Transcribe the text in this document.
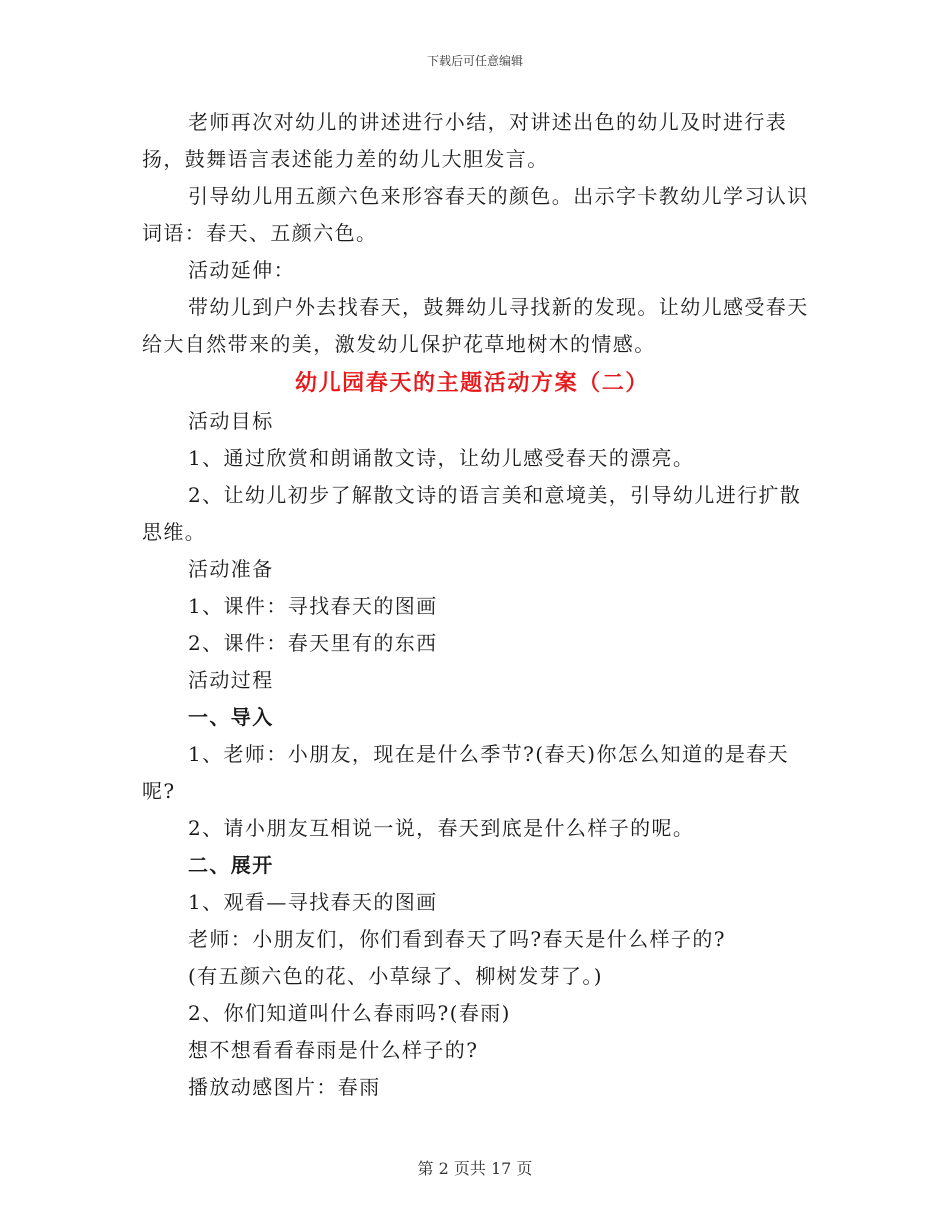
下载后可任意编辑

老师再次对幼儿的讲述进行小结，对讲述出色的幼儿及时进行表扬，鼓舞语言表述能力差的幼儿大胆发言。

引导幼儿用五颜六色来形容春天的颜色。出示字卡教幼儿学习认识词语：春天、五颜六色。

活动延伸：

带幼儿到户外去找春天，鼓舞幼儿寻找新的发现。让幼儿感受春天给大自然带来的美，激发幼儿保护花草地树木的情感。

幼儿园春天的主题活动方案（二）

活动目标

1、通过欣赏和朗诵散文诗，让幼儿感受春天的漂亮。

2、让幼儿初步了解散文诗的语言美和意境美，引导幼儿进行扩散思维。

活动准备

1、课件：寻找春天的图画

2、课件：春天里有的东西

活动过程

一、导入

1、老师：小朋友，现在是什么季节?(春天)你怎么知道的是春天呢?

2、请小朋友互相说一说，春天到底是什么样子的呢。

二、展开

1、观看—寻找春天的图画

老师：小朋友们，你们看到春天了吗?春天是什么样子的?

(有五颜六色的花、小草绿了、柳树发芽了。)

2、你们知道叫什么春雨吗?(春雨)

想不想看看春雨是什么样子的?

播放动感图片：春雨

第 2 页共 17 页
